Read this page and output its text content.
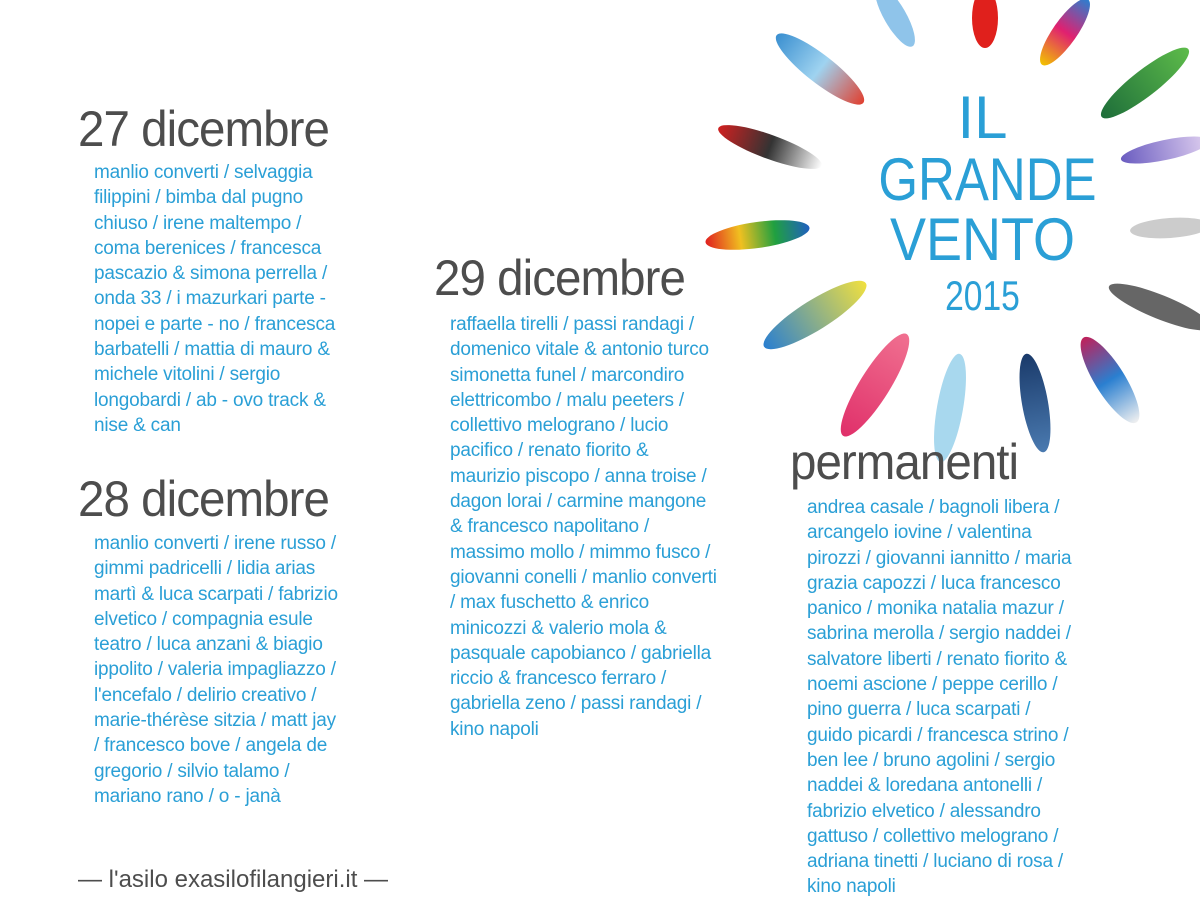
IL
GRANDE
VENTO
2015
27 dicembre
manlio converti / selvaggia
filippini / bimba dal pugno
chiuso / irene maltempo /
coma berenices / francesca
pascazio & simona perrella /
onda 33 / i mazurkari parte -
nopei e parte - no / francesca
barbatelli / mattia di mauro &
michele vitolini / sergio
longobardi / ab - ovo track &
nise & can
28 dicembre
manlio converti / irene russo /
gimmi padricelli / lidia arias
martì & luca scarpati / fabrizio
elvetico / compagnia esule
teatro / luca anzani & biagio
ippolito / valeria impagliazzo /
l'encefalo / delirio creativo /
marie-thérèse sitzia / matt jay
/ francesco bove / angela de
gregorio / silvio talamo /
mariano rano / o - janà
29 dicembre
raffaella tirelli / passi randagi /
domenico vitale & antonio turco
simonetta funel / marcondiro
elettricombo / malu peeters /
collettivo melograno / lucio
pacifico / renato fiorito &
maurizio piscopo / anna troise /
dagon lorai / carmine mangone
& francesco napolitano /
massimo mollo / mimmo fusco /
giovanni conelli / manlio converti
/ max fuschetto & enrico
minicozzi & valerio mola &
pasquale capobianco / gabriella
riccio & francesco ferraro /
gabriella zeno / passi randagi /
kino napoli
permanenti
andrea casale / bagnoli libera /
arcangelo iovine / valentina
pirozzi / giovanni iannitto / maria
grazia capozzi / luca francesco
panico / monika natalia mazur /
sabrina merolla / sergio naddei /
salvatore liberti / renato fiorito &
noemi ascione / peppe cerillo /
pino guerra / luca scarpati /
guido picardi / francesca strino /
ben lee / bruno agolini / sergio
naddei & loredana antonelli /
fabrizio elvetico / alessandro
gattuso / collettivo melograno /
adriana tinetti / luciano di rosa /
kino napoli
— l'asilo exasilofilangieri.it —
